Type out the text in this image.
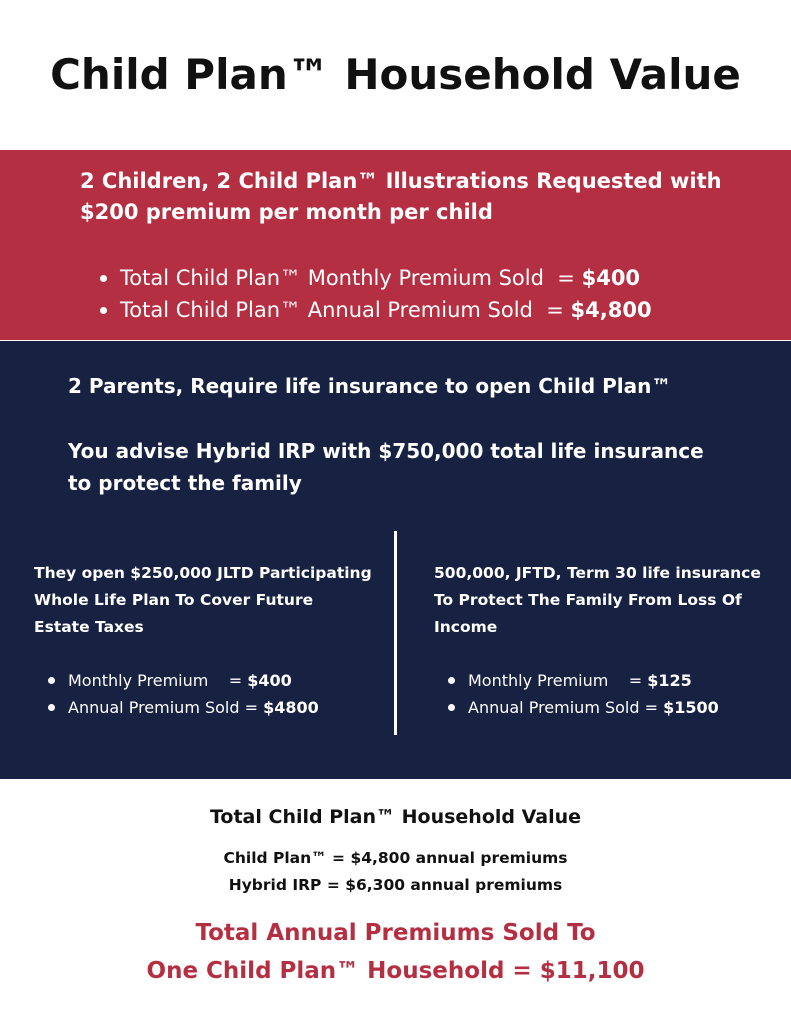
Child Plan™ Household Value
2 Children, 2 Child Plan™ Illustrations Requested with $200 premium per month per child
Total Child Plan™ Monthly Premium Sold = $400
Total Child Plan™ Annual Premium Sold = $4,800
2 Parents, Require life insurance to open Child Plan™
You advise Hybrid IRP with $750,000 total life insurance to protect the family
They open $250,000 JLTD Participating Whole Life Plan To Cover Future Estate Taxes
Monthly Premium = $400
Annual Premium Sold = $4800
500,000, JFTD, Term 30 life insurance To Protect The Family From Loss Of Income
Monthly Premium = $125
Annual Premium Sold = $1500
Total Child Plan™ Household Value
Child Plan™ = $4,800 annual premiums
Hybrid IRP = $6,300 annual premiums
Total Annual Premiums Sold To
One Child Plan™ Household = $11,100
